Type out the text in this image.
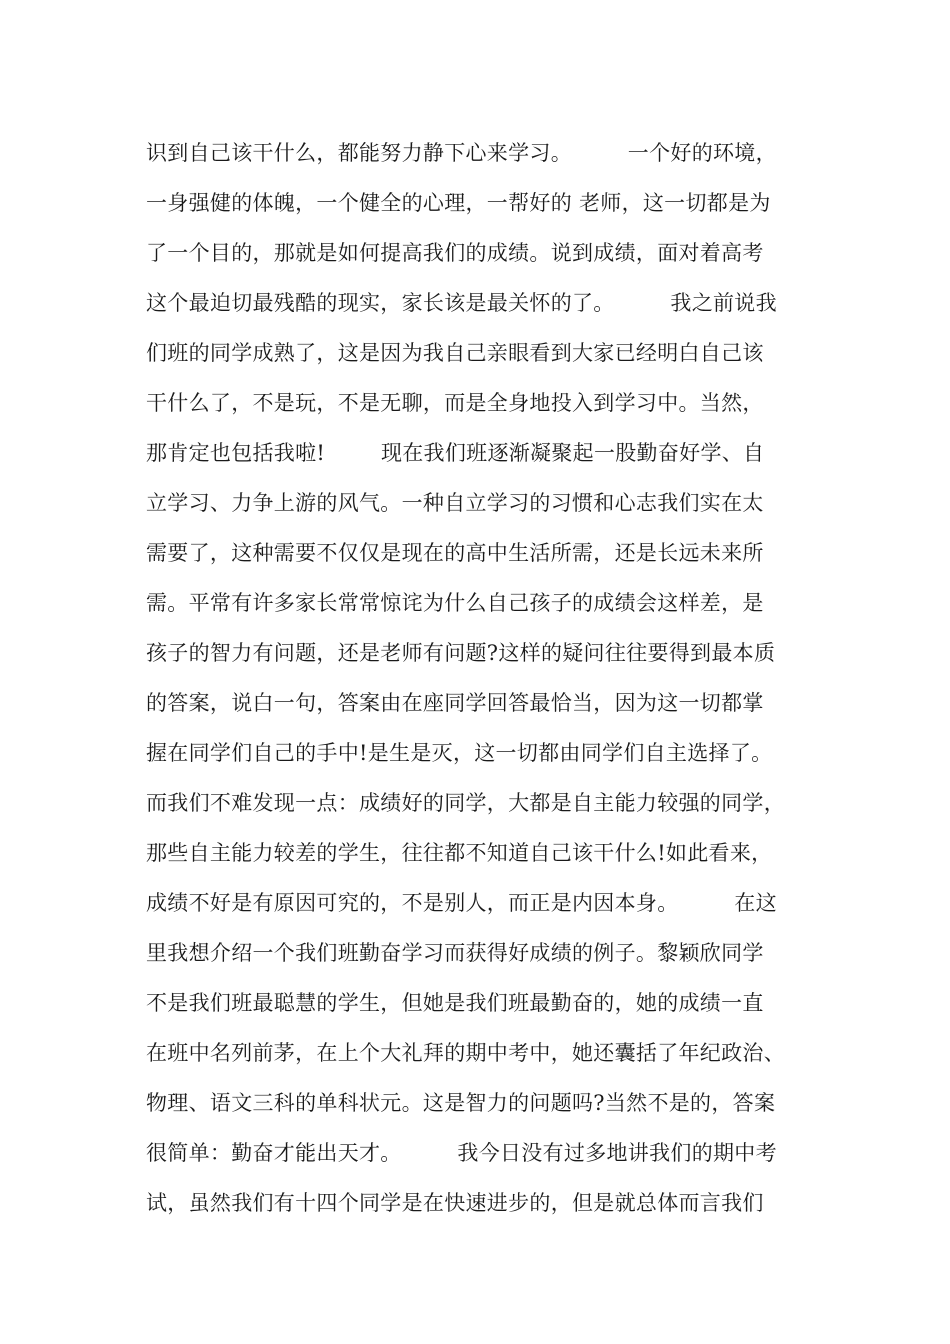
识到自己该干什么，都能努力静下心来学习。        一个好的环境，
一身强健的体魄，一个健全的心理，一帮好的 老师，这一切都是为
了一个目的，那就是如何提高我们的成绩。说到成绩，面对着高考
这个最迫切最残酷的现实，家长该是最关怀的了。        我之前说我
们班的同学成熟了，这是因为我自己亲眼看到大家已经明白自己该
干什么了，不是玩，不是无聊，而是全身地投入到学习中。当然，
那肯定也包括我啦!        现在我们班逐渐凝聚起一股勤奋好学、自
立学习、力争上游的风气。一种自立学习的习惯和心志我们实在太
需要了，这种需要不仅仅是现在的高中生活所需，还是长远未来所
需。平常有许多家长常常惊诧为什么自己孩子的成绩会这样差，是
孩子的智力有问题，还是老师有问题?这样的疑问往往要得到最本质
的答案，说白一句，答案由在座同学回答最恰当，因为这一切都掌
握在同学们自己的手中!是生是灭，这一切都由同学们自主选择了。
而我们不难发现一点：成绩好的同学，大都是自主能力较强的同学，
那些自主能力较差的学生，往往都不知道自己该干什么!如此看来，
成绩不好是有原因可究的，不是别人，而正是内因本身。        在这
里我想介绍一个我们班勤奋学习而获得好成绩的例子。黎颖欣同学
不是我们班最聪慧的学生，但她是我们班最勤奋的，她的成绩一直
在班中名列前茅，在上个大礼拜的期中考中，她还囊括了年纪政治、
物理、语文三科的单科状元。这是智力的问题吗?当然不是的，答案
很简单：勤奋才能出天才。        我今日没有过多地讲我们的期中考
试，虽然我们有十四个同学是在快速进步的，但是就总体而言我们
